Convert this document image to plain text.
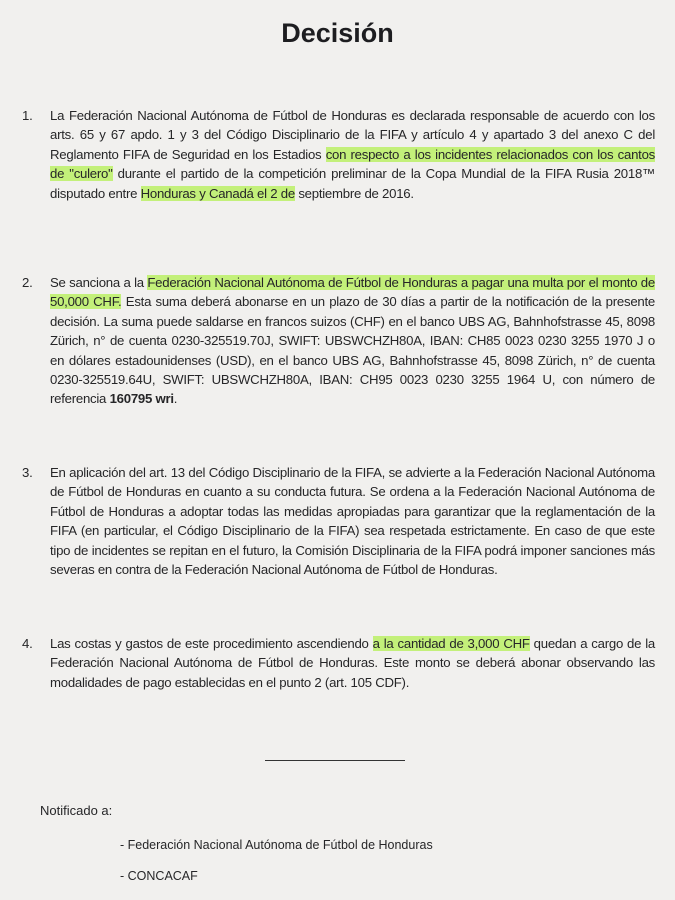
Decisión
1. La Federación Nacional Autónoma de Fútbol de Honduras es declarada responsable de acuerdo con los arts. 65 y 67 apdo. 1 y 3 del Código Disciplinario de la FIFA y artículo 4 y apartado 3 del anexo C del Reglamento FIFA de Seguridad en los Estadios con respecto a los incidentes relacionados con los cantos de "culero" durante el partido de la competición preliminar de la Copa Mundial de la FIFA Rusia 2018™ disputado entre Honduras y Canadá el 2 de septiembre de 2016.
2. Se sanciona a la Federación Nacional Autónoma de Fútbol de Honduras a pagar una multa por el monto de 50,000 CHF. Esta suma deberá abonarse en un plazo de 30 días a partir de la notificación de la presente decisión. La suma puede saldarse en francos suizos (CHF) en el banco UBS AG, Bahnhofstrasse 45, 8098 Zürich, n° de cuenta 0230-325519.70J, SWIFT: UBSWCHZH80A, IBAN: CH85 0023 0230 3255 1970 J o en dólares estadounidenses (USD), en el banco UBS AG, Bahnhofstrasse 45, 8098 Zürich, n° de cuenta 0230-325519.64U, SWIFT: UBSWCHZH80A, IBAN: CH95 0023 0230 3255 1964 U, con número de referencia 160795 wri.
3. En aplicación del art. 13 del Código Disciplinario de la FIFA, se advierte a la Federación Nacional Autónoma de Fútbol de Honduras en cuanto a su conducta futura. Se ordena a la Federación Nacional Autónoma de Fútbol de Honduras a adoptar todas las medidas apropiadas para garantizar que la reglamentación de la FIFA (en particular, el Código Disciplinario de la FIFA) sea respetada estrictamente. En caso de que este tipo de incidentes se repitan en el futuro, la Comisión Disciplinaria de la FIFA podrá imponer sanciones más severas en contra de la Federación Nacional Autónoma de Fútbol de Honduras.
4. Las costas y gastos de este procedimiento ascendiendo a la cantidad de 3,000 CHF quedan a cargo de la Federación Nacional Autónoma de Fútbol de Honduras. Este monto se deberá abonar observando las modalidades de pago establecidas en el punto 2 (art. 105 CDF).
Notificado a:
- Federación Nacional Autónoma de Fútbol de Honduras
- CONCACAF
